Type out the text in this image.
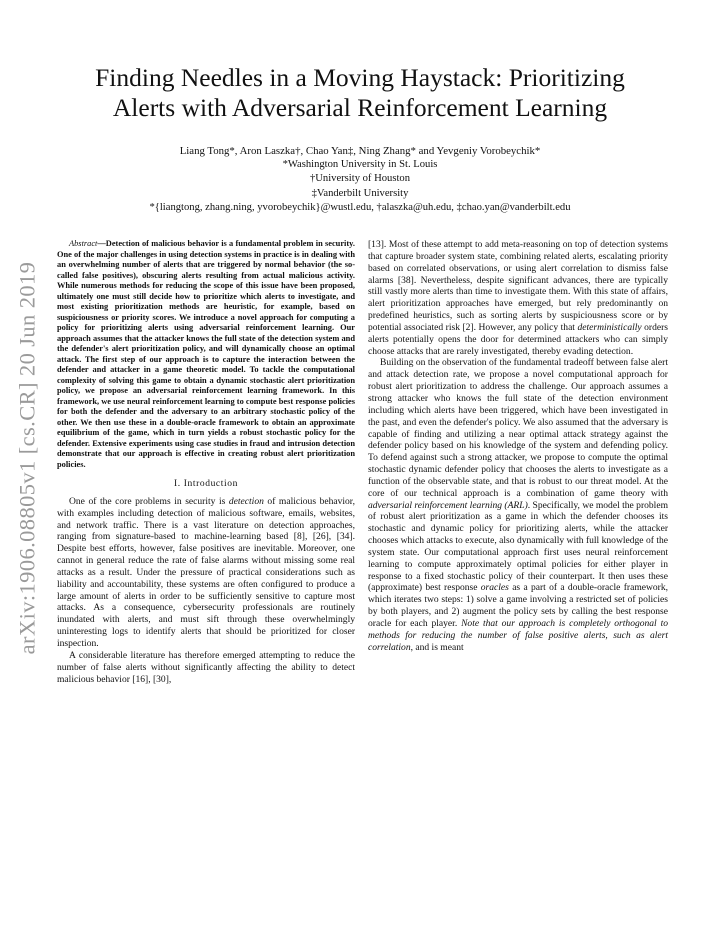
arXiv:1906.08805v1 [cs.CR] 20 Jun 2019
Finding Needles in a Moving Haystack: Prioritizing
Alerts with Adversarial Reinforcement Learning
Liang Tong*, Aron Laszka†, Chao Yan‡, Ning Zhang* and Yevgeniy Vorobeychik*
*Washington University in St. Louis
†University of Houston
‡Vanderbilt University
*{liangtong, zhang.ning, yvorobeychik}@wustl.edu, †alaszka@uh.edu, ‡chao.yan@vanderbilt.edu

Abstract—Detection of malicious behavior is a fundamental problem in security. One of the major challenges in using detection systems in practice is in dealing with an overwhelming number of alerts that are triggered by normal behavior (the so-called false positives), obscuring alerts resulting from actual malicious activity. While numerous methods for reducing the scope of this issue have been proposed, ultimately one must still decide how to prioritize which alerts to investigate, and most existing prioritization methods are heuristic, for example, based on suspiciousness or priority scores. We introduce a novel approach for computing a policy for prioritizing alerts using adversarial reinforcement learning. Our approach assumes that the attacker knows the full state of the detection system and the defender's alert prioritization policy, and will dynamically choose an optimal attack. The first step of our approach is to capture the interaction between the defender and attacker in a game theoretic model. To tackle the computational complexity of solving this game to obtain a dynamic stochastic alert prioritization policy, we propose an adversarial reinforcement learning framework. In this framework, we use neural reinforcement learning to compute best response policies for both the defender and the adversary to an arbitrary stochastic policy of the other. We then use these in a double-oracle framework to obtain an approximate equilibrium of the game, which in turn yields a robust stochastic policy for the defender. Extensive experiments using case studies in fraud and intrusion detection demonstrate that our approach is effective in creating robust alert prioritization policies.

I. Introduction

One of the core problems in security is detection of malicious behavior, with examples including detection of malicious software, emails, websites, and network traffic. There is a vast literature on detection approaches, ranging from signature-based to machine-learning based [8], [26], [34]. Despite best efforts, however, false positives are inevitable. Moreover, one cannot in general reduce the rate of false alarms without missing some real attacks as a result. Under the pressure of practical considerations such as liability and accountability, these systems are often configured to produce a large amount of alerts in order to be sufficiently sensitive to capture most attacks. As a consequence, cybersecurity professionals are routinely inundated with alerts, and must sift through these overwhelmingly uninteresting logs to identify alerts that should be prioritized for closer inspection.

A considerable literature has therefore emerged attempting to reduce the number of false alerts without significantly affecting the ability to detect malicious behavior [16], [30],

[13]. Most of these attempt to add meta-reasoning on top of detection systems that capture broader system state, combining related alerts, escalating priority based on correlated observations, or using alert correlation to dismiss false alarms [38]. Nevertheless, despite significant advances, there are typically still vastly more alerts than time to investigate them. With this state of affairs, alert prioritization approaches have emerged, but rely predominantly on predefined heuristics, such as sorting alerts by suspiciousness score or by potential associated risk [2]. However, any policy that deterministically orders alerts potentially opens the door for determined attackers who can simply choose attacks that are rarely investigated, thereby evading detection.

Building on the observation of the fundamental tradeoff between false alert and attack detection rate, we propose a novel computational approach for robust alert prioritization to address the challenge. Our approach assumes a strong attacker who knows the full state of the detection environment including which alerts have been triggered, which have been investigated in the past, and even the defender's policy. We also assumed that the adversary is capable of finding and utilizing a near optimal attack strategy against the defender policy based on his knowledge of the system and defending policy. To defend against such a strong attacker, we propose to compute the optimal stochastic dynamic defender policy that chooses the alerts to investigate as a function of the observable state, and that is robust to our threat model. At the core of our technical approach is a combination of game theory with adversarial reinforcement learning (ARL). Specifically, we model the problem of robust alert prioritization as a game in which the defender chooses its stochastic and dynamic policy for prioritizing alerts, while the attacker chooses which attacks to execute, also dynamically with full knowledge of the system state. Our computational approach first uses neural reinforcement learning to compute approximately optimal policies for either player in response to a fixed stochastic policy of their counterpart. It then uses these (approximate) best response oracles as a part of a double-oracle framework, which iterates two steps: 1) solve a game involving a restricted set of policies by both players, and 2) augment the policy sets by calling the best response oracle for each player. Note that our approach is completely orthogonal to methods for reducing the number of false positive alerts, such as alert correlation, and is meant
